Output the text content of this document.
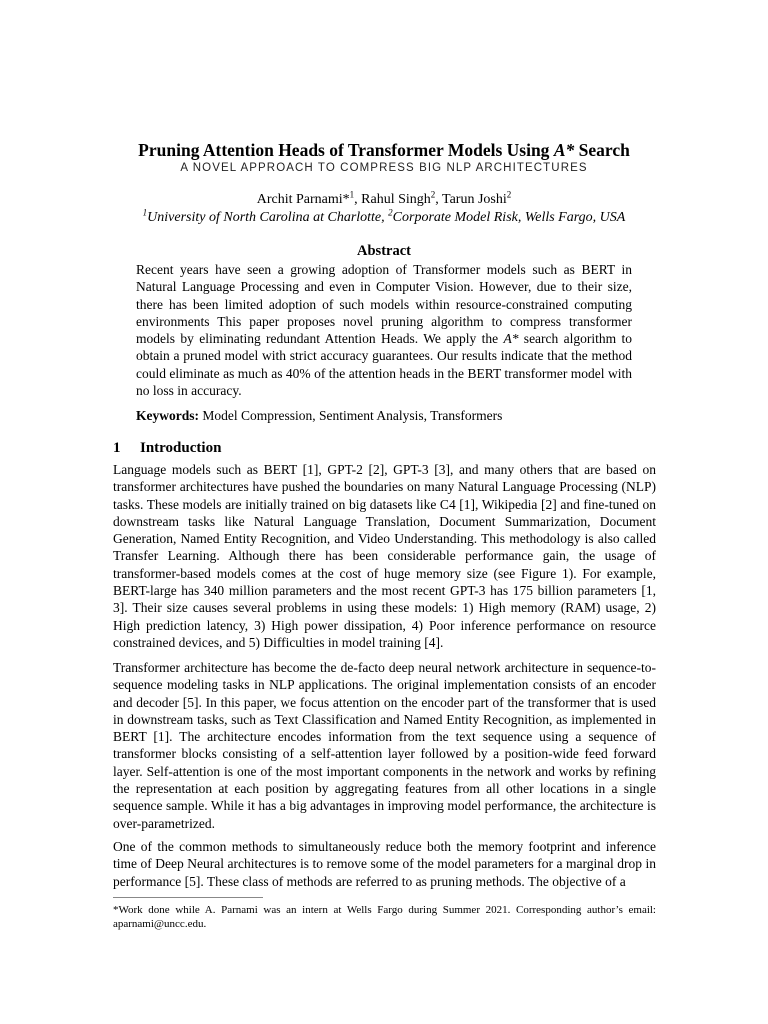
Pruning Attention Heads of Transformer Models Using A* Search
A NOVEL APPROACH TO COMPRESS BIG NLP ARCHITECTURES
Archit Parnami*$^1$, Rahul Singh$^2$, Tarun Joshi$^2$
$^1$University of North Carolina at Charlotte, $^2$Corporate Model Risk, Wells Fargo, USA
Abstract
Recent years have seen a growing adoption of Transformer models such as BERT in Natural Language Processing and even in Computer Vision. However, due to their size, there has been limited adoption of such models within resource-constrained computing environments This paper proposes novel pruning algorithm to compress transformer models by eliminating redundant Attention Heads. We apply the A* search algorithm to obtain a pruned model with strict accuracy guarantees. Our results indicate that the method could eliminate as much as 40% of the attention heads in the BERT transformer model with no loss in accuracy.
Keywords: Model Compression, Sentiment Analysis, Transformers
1 Introduction
Language models such as BERT [1], GPT-2 [2], GPT-3 [3], and many others that are based on transformer architectures have pushed the boundaries on many Natural Language Processing (NLP) tasks. These models are initially trained on big datasets like C4 [1], Wikipedia [2] and fine-tuned on downstream tasks like Natural Language Translation, Document Summarization, Document Generation, Named Entity Recognition, and Video Understanding. This methodology is also called Transfer Learning. Although there has been considerable performance gain, the usage of transformer-based models comes at the cost of huge memory size (see Figure 1). For example, BERT-large has 340 million parameters and the most recent GPT-3 has 175 billion parameters [1, 3]. Their size causes several problems in using these models: 1) High memory (RAM) usage, 2) High prediction latency, 3) High power dissipation, 4) Poor inference performance on resource constrained devices, and 5) Difficulties in model training [4].
Transformer architecture has become the de-facto deep neural network architecture in sequence-to-sequence modeling tasks in NLP applications. The original implementation consists of an encoder and decoder [5]. In this paper, we focus attention on the encoder part of the transformer that is used in downstream tasks, such as Text Classification and Named Entity Recognition, as implemented in BERT [1]. The architecture encodes information from the text sequence using a sequence of transformer blocks consisting of a self-attention layer followed by a position-wide feed forward layer. Self-attention is one of the most important components in the network and works by refining the representation at each position by aggregating features from all other locations in a single sequence sample. While it has a big advantages in improving model performance, the architecture is over-parametrized.
One of the common methods to simultaneously reduce both the memory footprint and inference time of Deep Neural architectures is to remove some of the model parameters for a marginal drop in performance [5]. These class of methods are referred to as pruning methods. The objective of a
*Work done while A. Parnami was an intern at Wells Fargo during Summer 2021. Corresponding author’s email: aparnami@uncc.edu.
